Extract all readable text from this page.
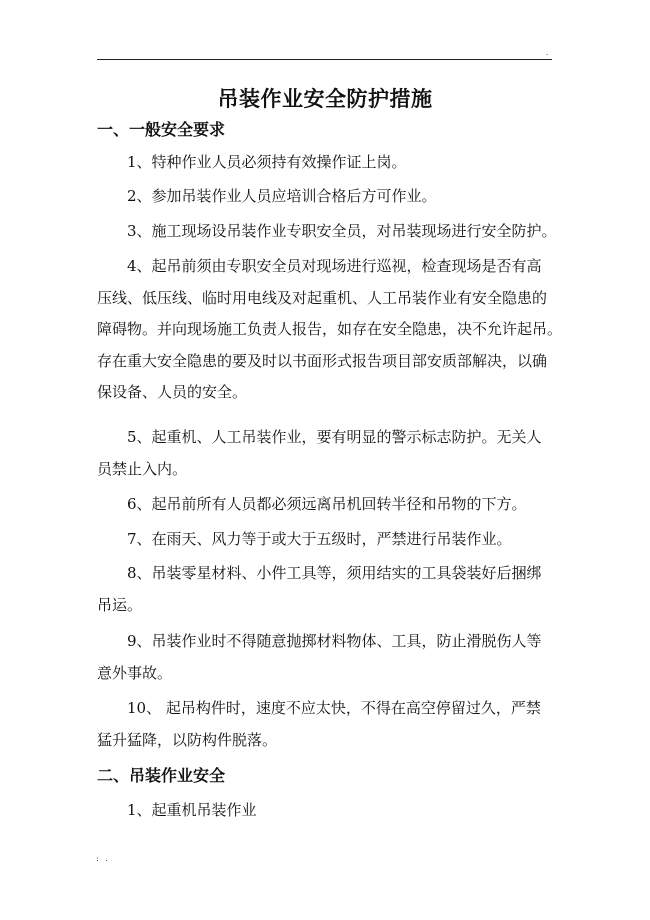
.
吊装作业安全防护措施
一、一般安全要求
1、特种作业人员必须持有效操作证上岗。
2、参加吊装作业人员应培训合格后方可作业。
3、施工现场设吊装作业专职安全员，对吊装现场进行安全防护。
4、起吊前须由专职安全员对现场进行巡视，检查现场是否有高
压线、低压线、临时用电线及对起重机、人工吊装作业有安全隐患的
障碍物。并向现场施工负责人报告，如存在安全隐患，决不允许起吊。
存在重大安全隐患的要及时以书面形式报告项目部安质部解决，以确
保设备、人员的安全。
5、起重机、人工吊装作业，要有明显的警示标志防护。无关人
员禁止入内。
6、起吊前所有人员都必须远离吊机回转半径和吊物的下方。
7、在雨天、风力等于或大于五级时，严禁进行吊装作业。
8、吊装零星材料、小件工具等，须用结实的工具袋装好后捆绑
吊运。
9、吊装作业时不得随意抛掷材料物体、工具，防止滑脱伤人等
意外事故。
10、 起吊构件时，速度不应太快，不得在高空停留过久，严禁
猛升猛降，以防构件脱落。
二、吊装作业安全
1、起重机吊装作业
: .
